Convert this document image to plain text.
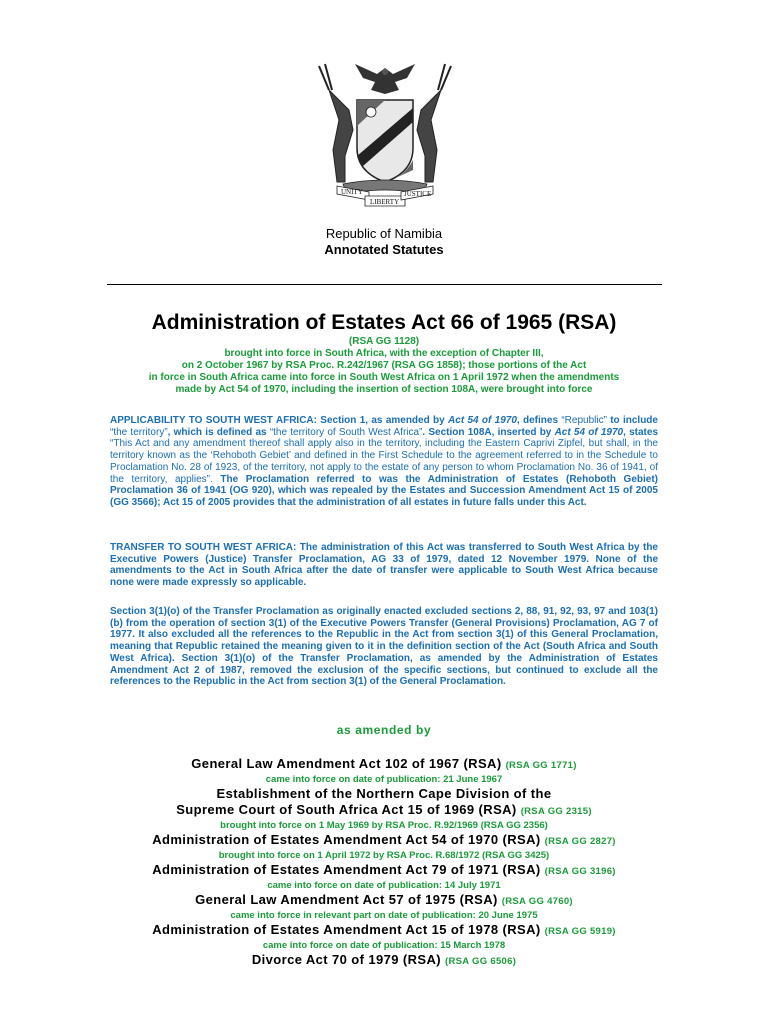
UNITY
LIBERTY
JUSTICE
Republic of Namibia
Annotated Statutes
Administration of Estates Act 66 of 1965 (RSA)
(RSA GG 1128)
brought into force in South Africa, with the exception of Chapter III,
on 2 October 1967 by RSA Proc. R.242/1967 (RSA GG 1858); those portions of the Act
in force in South Africa came into force in South West Africa on 1 April 1972 when the amendments
made by Act 54 of 1970, including the insertion of section 108A, were brought into force
APPLICABILITY TO SOUTH WEST AFRICA: Section 1, as amended by Act 54 of 1970, defines “Republic” to include “the territory”, which is defined as “the territory of South West Africa”. Section 108A, inserted by Act 54 of 1970, states “This Act and any amendment thereof shall apply also in the territory, including the Eastern Caprivi Zipfel, but shall, in the territory known as the ‘Rehoboth Gebiet’ and defined in the First Schedule to the agreement referred to in the Schedule to Proclamation No. 28 of 1923, of the territory, not apply to the estate of any person to whom Proclamation No. 36 of 1941, of the territory, applies”. The Proclamation referred to was the Administration of Estates (Rehoboth Gebiet) Proclamation 36 of 1941 (OG 920), which was repealed by the Estates and Succession Amendment Act 15 of 2005 (GG 3566); Act 15 of 2005 provides that the administration of all estates in future falls under this Act.
TRANSFER TO SOUTH WEST AFRICA: The administration of this Act was transferred to South West Africa by the Executive Powers (Justice) Transfer Proclamation, AG 33 of 1979, dated 12 November 1979. None of the amendments to the Act in South Africa after the date of transfer were applicable to South West Africa because none were made expressly so applicable.
Section 3(1)(o) of the Transfer Proclamation as originally enacted excluded sections 2, 88, 91, 92, 93, 97 and 103(1)(b) from the operation of section 3(1) of the Executive Powers Transfer (General Provisions) Proclamation, AG 7 of 1977. It also excluded all the references to the Republic in the Act from section 3(1) of this General Proclamation, meaning that Republic retained the meaning given to it in the definition section of the Act (South Africa and South West Africa). Section 3(1)(o) of the Transfer Proclamation, as amended by the Administration of Estates Amendment Act 2 of 1987, removed the exclusion of the specific sections, but continued to exclude all the references to the Republic in the Act from section 3(1) of the General Proclamation.
as amended by
General Law Amendment Act 102 of 1967 (RSA) (RSA GG 1771)
came into force on date of publication: 21 June 1967
Establishment of the Northern Cape Division of the
Supreme Court of South Africa Act 15 of 1969 (RSA) (RSA GG 2315)
brought into force on 1 May 1969 by RSA Proc. R.92/1969 (RSA GG 2356)
Administration of Estates Amendment Act 54 of 1970 (RSA) (RSA GG 2827)
brought into force on 1 April 1972 by RSA Proc. R.68/1972 (RSA GG 3425)
Administration of Estates Amendment Act 79 of 1971 (RSA) (RSA GG 3196)
came into force on date of publication: 14 July 1971
General Law Amendment Act 57 of 1975 (RSA) (RSA GG 4760)
came into force in relevant part on date of publication: 20 June 1975
Administration of Estates Amendment Act 15 of 1978 (RSA) (RSA GG 5919)
came into force on date of publication: 15 March 1978
Divorce Act 70 of 1979 (RSA) (RSA GG 6506)
